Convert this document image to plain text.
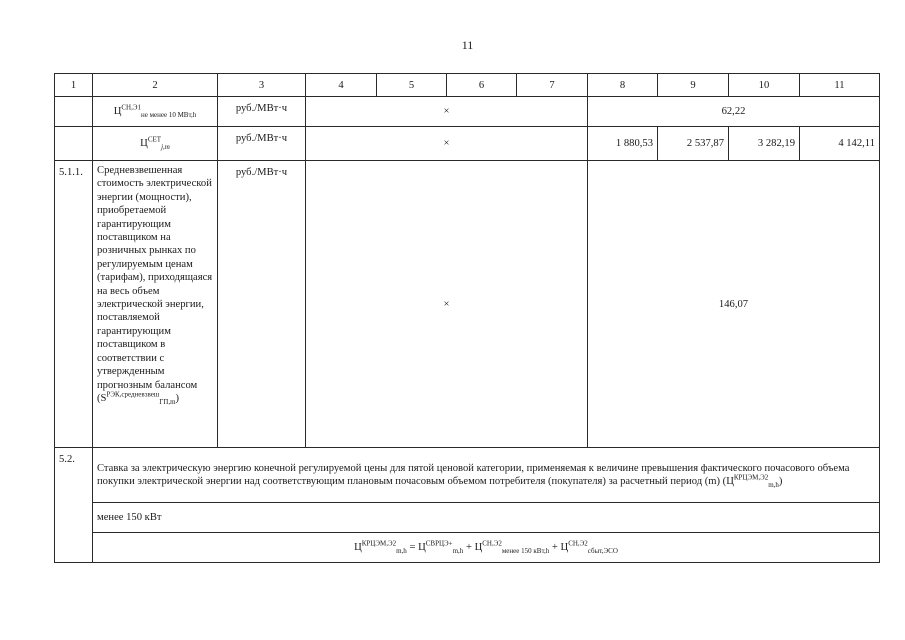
11
1	2	3	4	5	6	7	8	9	10	11
	$Ц^{СН,Э1}_{не менее 10 МВт,h}$	руб./МВт·ч	×				62,22			
	$Ц^{СЕТ}_{j,m}$	руб./МВт·ч	×				1 880,53	2 537,87	3 282,19	4 142,11
5.1.1.	Средневзвешенная стоимость электрической энергии (мощности), приобретаемой гарантирующим поставщиком на розничных рынках по регулируемым ценам (тарифам), приходящаяся на весь объем электрической энергии, поставляемой гарантирующим поставщиком в соответствии с утвержденным прогнозным балансом $(S^{РЭК,средневзвеш}_{ГП,m})$	руб./МВт·ч	×				146,07			
5.2.	Ставка за электрическую энергию конечной регулируемой цены для пятой ценовой категории, применяемая к величине превышения фактического почасового объема покупки электрической энергии над соответствующим плановым почасовым объемом потребителя (покупателя) за расчетный период (m) $(Ц^{КРЦЭМ,Э2}_{m,h})$									
	менее 150 кВт									
	$Ц^{КРЦЭМ,Э2}_{m,h} = Ц^{СВРЦЭ+}_{m,h} + Ц^{СН,Э2}_{менее 150 кВт,h} + Ц^{СН,Э2}_{сбыт,ЭСО}$
